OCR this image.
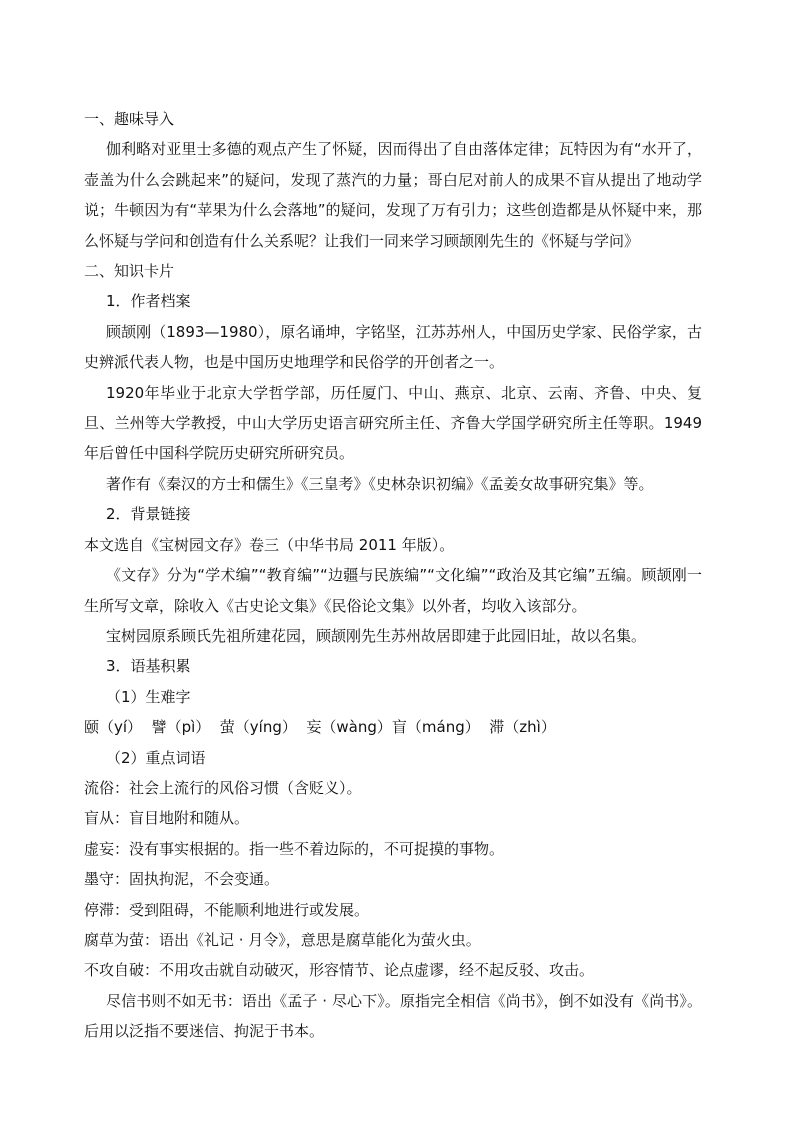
一、趣味导入

伽利略对亚里士多德的观点产生了怀疑，因而得出了自由落体定律；瓦特因为有“水开了，壶盖为什么会跳起来”的疑问，发现了蒸汽的力量；哥白尼对前人的成果不盲从提出了地动学说；牛顿因为有“苹果为什么会落地”的疑问，发现了万有引力；这些创造都是从怀疑中来，那么怀疑与学问和创造有什么关系呢？让我们一同来学习顾颉刚先生的《怀疑与学问》

二、知识卡片

1．作者档案

顾颉刚（1893—1980），原名诵坤，字铭坚，江苏苏州人，中国历史学家、民俗学家，古史辨派代表人物，也是中国历史地理学和民俗学的开创者之一。

1920年毕业于北京大学哲学部，历任厦门、中山、燕京、北京、云南、齐鲁、中央、复旦、兰州等大学教授，中山大学历史语言研究所主任、齐鲁大学国学研究所主任等职。1949年后曾任中国科学院历史研究所研究员。

著作有《秦汉的方士和儒生》《三皇考》《史林杂识初编》《孟姜女故事研究集》等。

2．背景链接

本文选自《宝树园文存》卷三（中华书局 2011 年版）。

《文存》分为“学术编”“教育编”“边疆与民族编”“文化编”“政治及其它编”五编。顾颉刚一生所写文章，除收入《古史论文集》《民俗论文集》以外者，均收入该部分。

宝树园原系顾氏先祖所建花园，顾颉刚先生苏州故居即建于此园旧址，故以名集。

3．语基积累

（1）生难字

颐（yí）  譬（pì）  萤（yíng）  妄（wàng）盲（máng）  滞（zhì）

（2）重点词语

流俗：社会上流行的风俗习惯（含贬义）。

盲从：盲目地附和随从。

虚妄：没有事实根据的。指一些不着边际的，不可捉摸的事物。

墨守：固执拘泥，不会变通。

停滞：受到阻碍，不能顺利地进行或发展。

腐草为萤：语出《礼记 · 月令》，意思是腐草能化为萤火虫。

不攻自破：不用攻击就自动破灭，形容情节、论点虚谬，经不起反驳、攻击。

尽信书则不如无书：语出《孟子 · 尽心下》。原指完全相信《尚书》，倒不如没有《尚书》。后用以泛指不要迷信、拘泥于书本。
